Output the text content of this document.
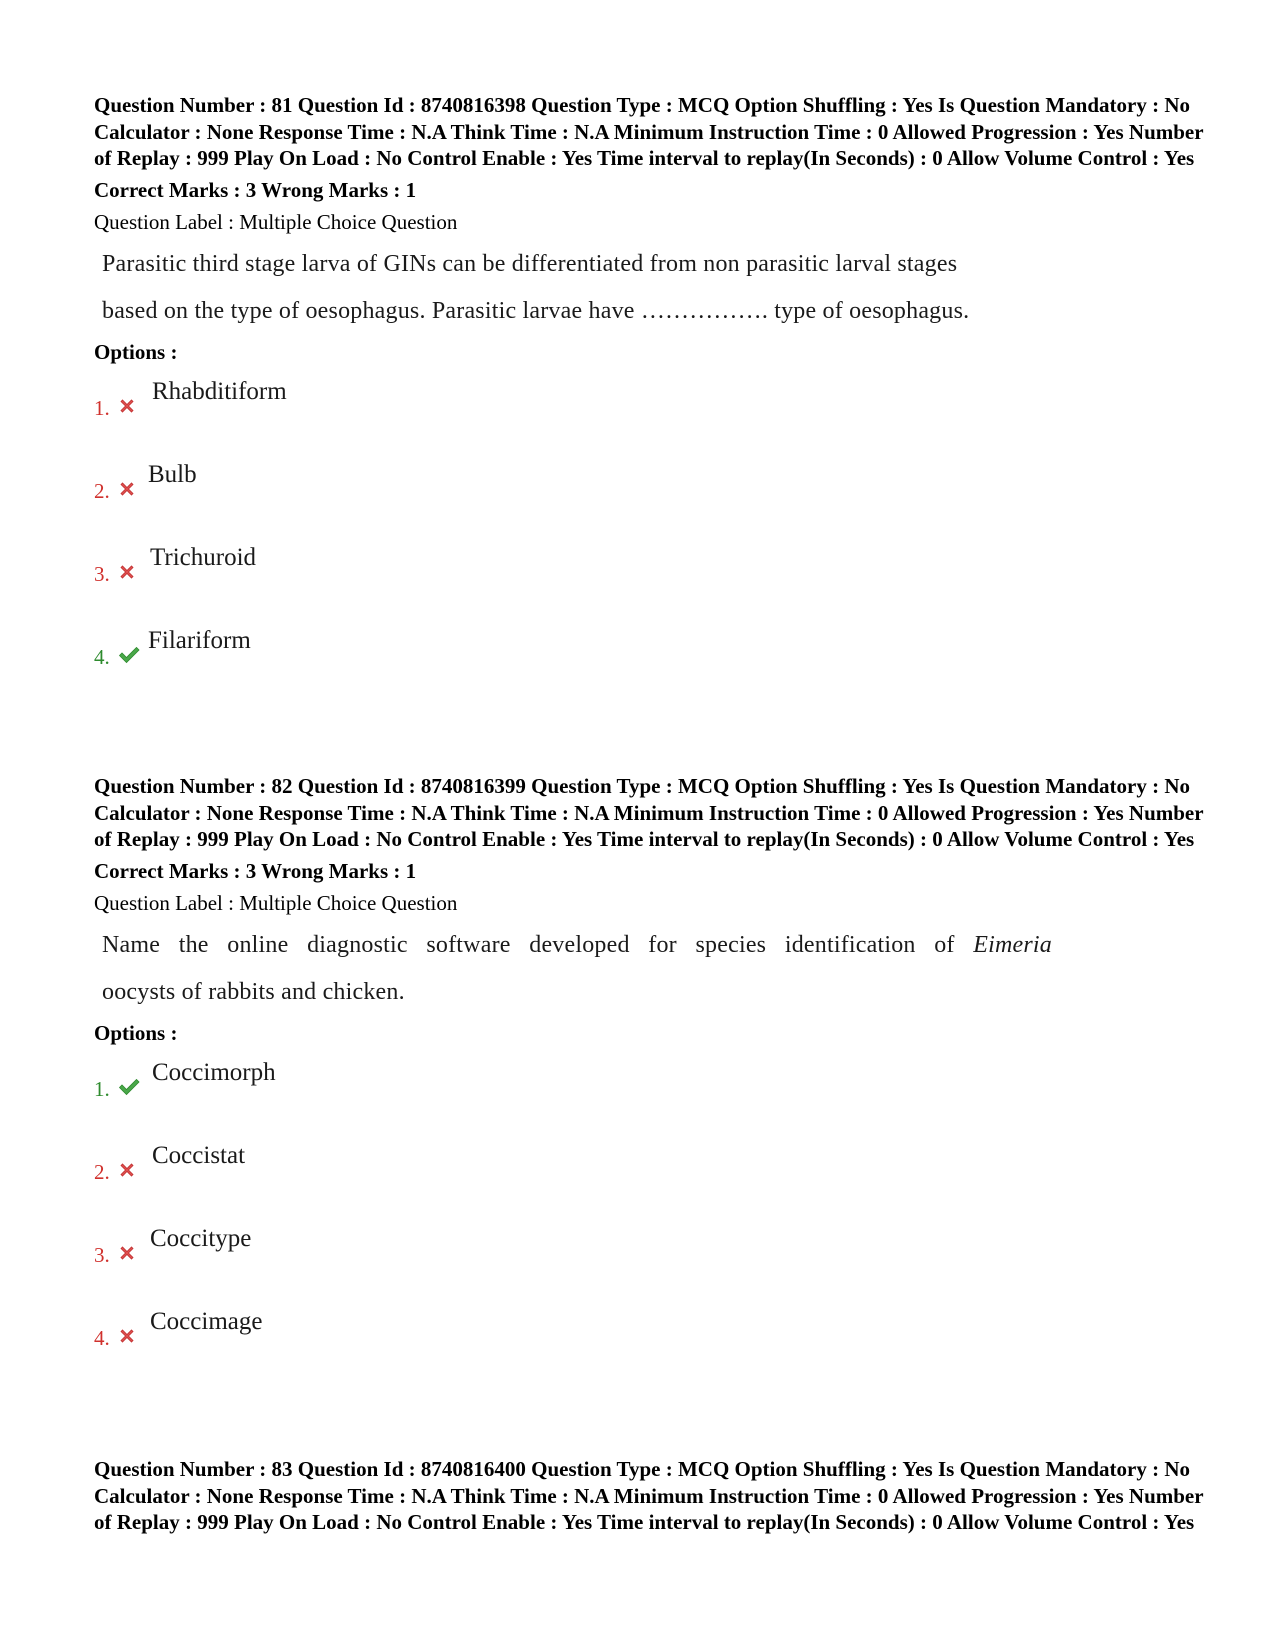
Question Number : 81 Question Id : 8740816398 Question Type : MCQ Option Shuffling : Yes Is Question Mandatory : No Calculator : None Response Time : N.A Think Time : N.A Minimum Instruction Time : 0 Allowed Progression : Yes Number of Replay : 999 Play On Load : No Control Enable : Yes Time interval to replay(In Seconds) : 0 Allow Volume Control : Yes

Correct Marks : 3 Wrong Marks : 1
Question Label : Multiple Choice Question
Parasitic third stage larva of GINs can be differentiated from non parasitic larval stages
based on the type of oesophagus. Parasitic larvae have ……………. type of oesophagus.
Options :
1.
Rhabditiform
2.
Bulb
3.
Trichuroid
4.
Filariform

Question Number : 82 Question Id : 8740816399 Question Type : MCQ Option Shuffling : Yes Is Question Mandatory : No Calculator : None Response Time : N.A Think Time : N.A Minimum Instruction Time : 0 Allowed Progression : Yes Number of Replay : 999 Play On Load : No Control Enable : Yes Time interval to replay(In Seconds) : 0 Allow Volume Control : Yes

Correct Marks : 3 Wrong Marks : 1
Question Label : Multiple Choice Question
Name the online diagnostic software developed for species identification of Eimeria
oocysts of rabbits and chicken.
Options :
1.
Coccimorph
2.
Coccistat
3.
Coccitype
4.
Coccimage

Question Number : 83 Question Id : 8740816400 Question Type : MCQ Option Shuffling : Yes Is Question Mandatory : No Calculator : None Response Time : N.A Think Time : N.A Minimum Instruction Time : 0 Allowed Progression : Yes Number of Replay : 999 Play On Load : No Control Enable : Yes Time interval to replay(In Seconds) : 0 Allow Volume Control : Yes
